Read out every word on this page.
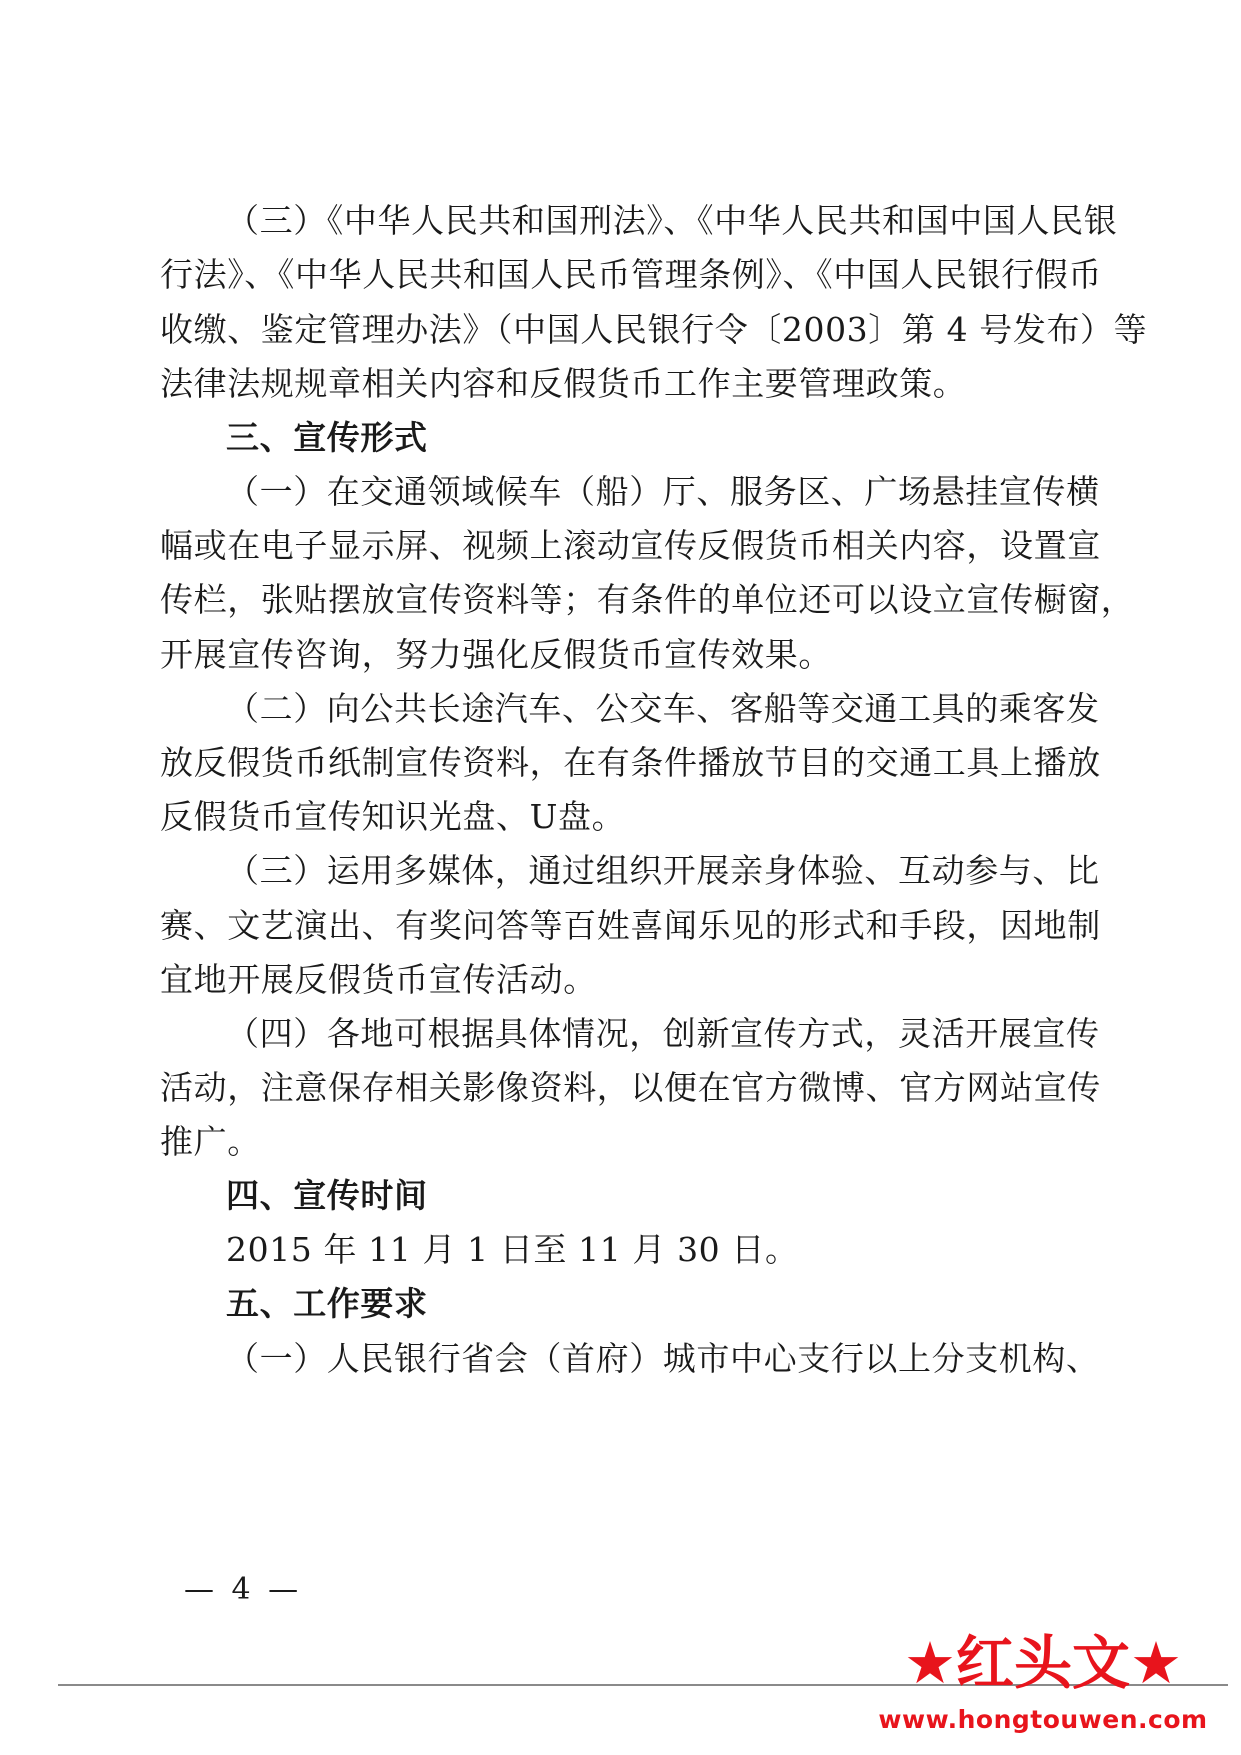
（三）《中华人民共和国刑法》、《中华人民共和国中国人民银
行法》、《中华人民共和国人民币管理条例》、《中国人民银行假币
收缴、鉴定管理办法》（中国人民银行令〔2003〕第 4 号发布）等
法律法规规章相关内容和反假货币工作主要管理政策。
三、宣传形式
（一）在交通领域候车（船）厅、服务区、广场悬挂宣传横
幅或在电子显示屏、视频上滚动宣传反假货币相关内容，设置宣
传栏，张贴摆放宣传资料等；有条件的单位还可以设立宣传橱窗，
开展宣传咨询，努力强化反假货币宣传效果。
（二）向公共长途汽车、公交车、客船等交通工具的乘客发
放反假货币纸制宣传资料，在有条件播放节目的交通工具上播放
反假货币宣传知识光盘、U盘。
（三）运用多媒体，通过组织开展亲身体验、互动参与、比
赛、文艺演出、有奖问答等百姓喜闻乐见的形式和手段，因地制
宜地开展反假货币宣传活动。
（四）各地可根据具体情况，创新宣传方式，灵活开展宣传
活动，注意保存相关影像资料，以便在官方微博、官方网站宣传
推广。
四、宣传时间
2015 年 11 月 1 日至 11 月 30 日。
五、工作要求
（一）人民银行省会（首府）城市中心支行以上分支机构、
— 4 —
★红头文★
www.hongtouwen.com
